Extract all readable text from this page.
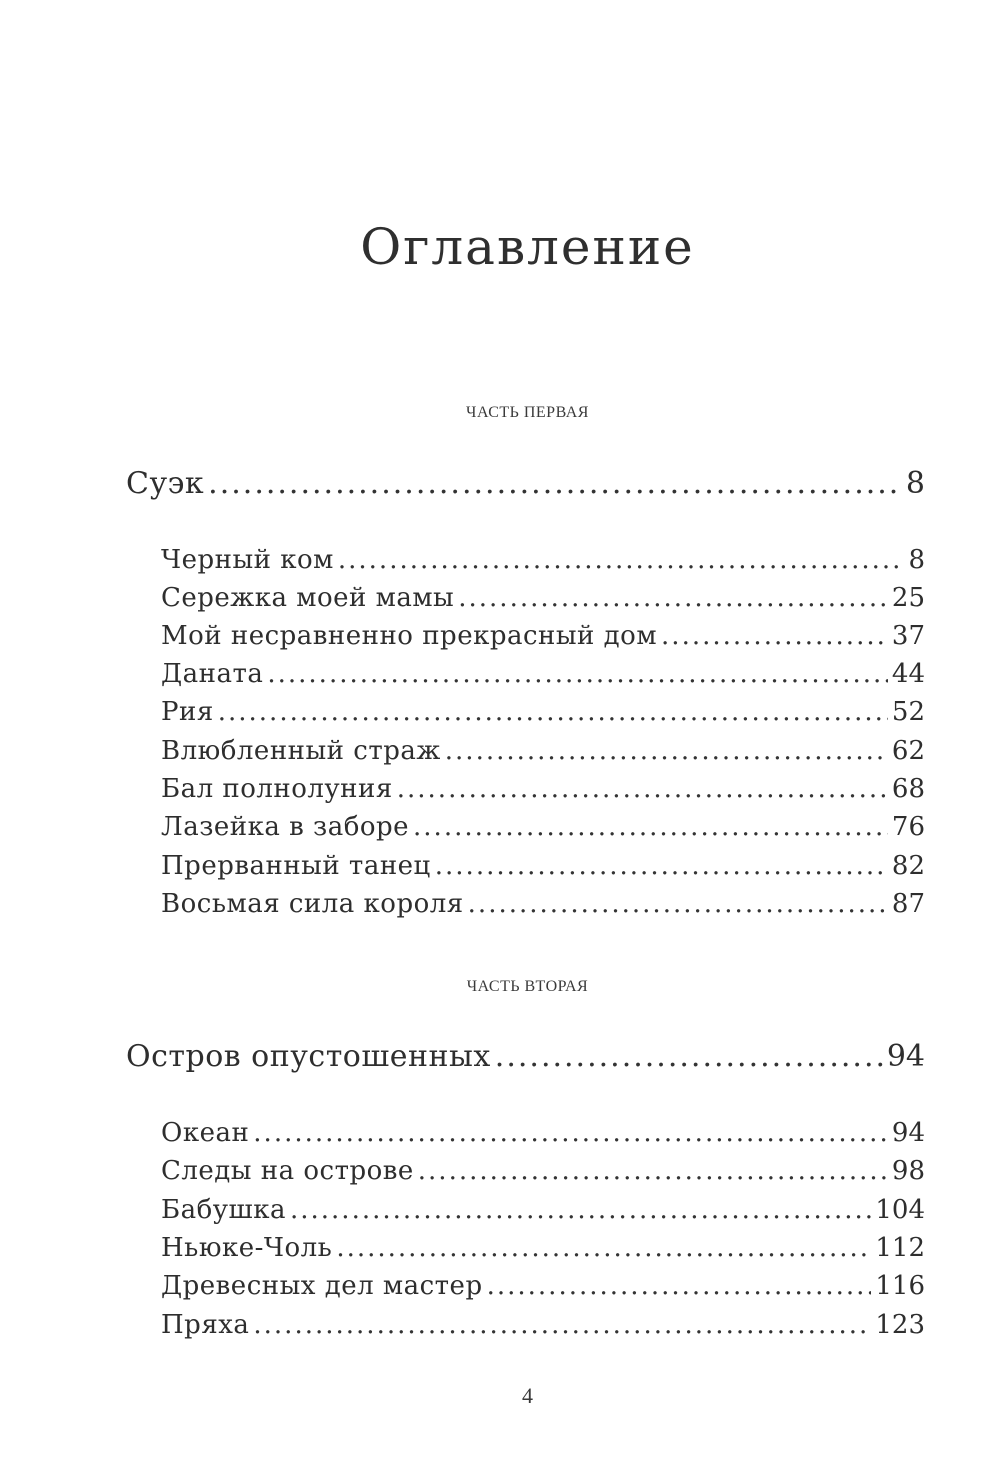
Оглавление
ЧАСТЬ ПЕРВАЯ
Суэк .....	8
Черный ком .....	8
Сережка моей мамы .....	25
Мой несравненно прекрасный дом .....	37
Даната .....	44
Рия .....	52
Влюбленный страж .....	62
Бал полнолуния .....	68
Лазейка в заборе .....	76
Прерванный танец .....	82
Восьмая сила короля .....	87
ЧАСТЬ ВТОРАЯ
Остров опустошенных .....	94
Океан .....	94
Следы на острове .....	98
Бабушка .....	104
Ньюке-Чоль .....	112
Древесных дел мастер .....	116
Пряха .....	123
4
